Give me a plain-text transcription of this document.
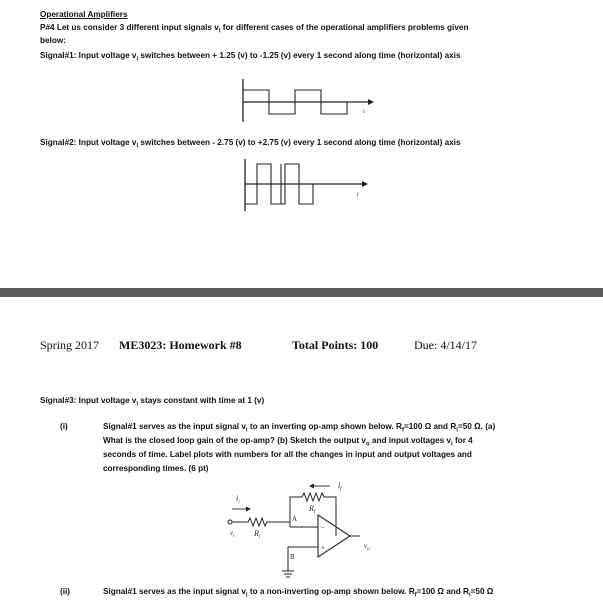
Operational Amplifiers
P#4 Let us consider 3 different input signals $v_i$ for different cases of the operational amplifiers problems given
below:
Signal#1: Input voltage $v_i$ switches between + 1.25 (v) to -1.25 (v) every 1 second along time (horizontal) axis
t
Signal#2: Input voltage $v_I$ switches between - 2.75 (v) to +2.75 (v) every 1 second along time (horizontal) axis
t
Spring 2017 ME3023: Homework #8	Total Points: 100	Due: 4/14/17
Signal#3: Input voltage $v_i$ stays constant with time at 1 (v)
(i)	Signal#1 serves as the input signal $v_i$ to an inverting op-amp shown below. $R_f=100$ Ω and $R_i=50$ Ω. (a)
What is the closed loop gain of the op-amp? (b) Sketch the output $v_o$ and input voltages $v_i$ for 4
seconds of time. Label plots with numbers for all the changes in input and output voltages and
corresponding times. (6 pt)
$i_f$
$R_f$
$i_i$
$v_i$ $R_i$
A
−
+	$v_o$
B
(ii)	Signal#1 serves as the input signal $v_i$ to a non-inverting op-amp shown below. $R_f=100$ Ω and $R_i=50$ Ω
